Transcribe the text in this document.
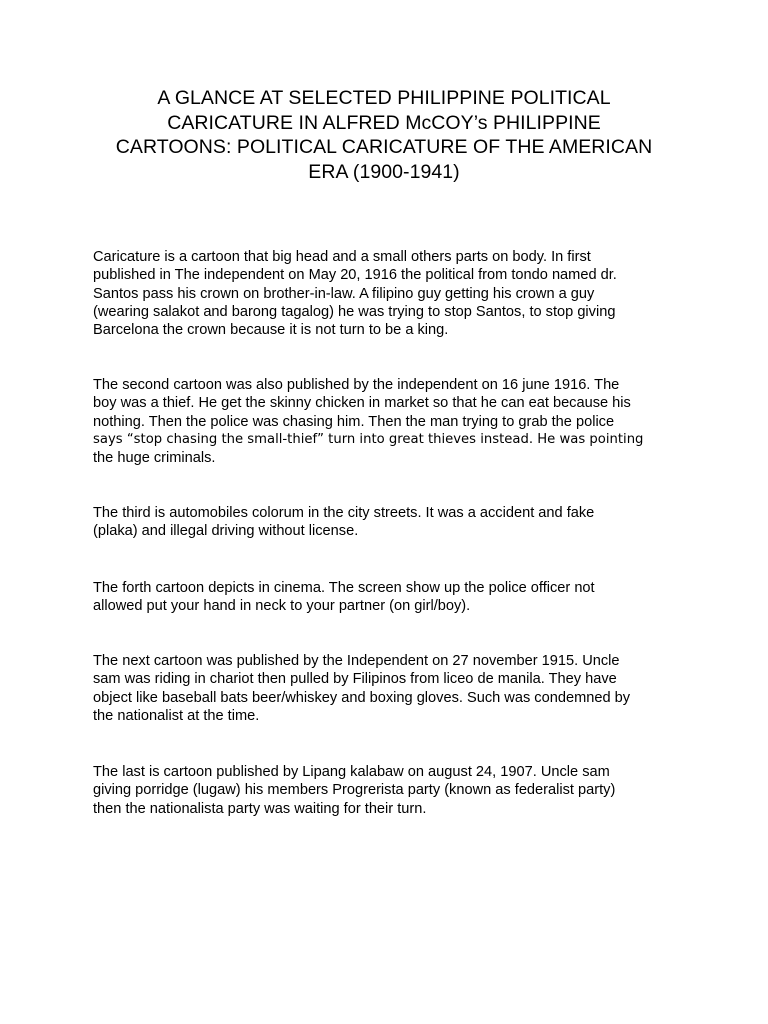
A GLANCE AT SELECTED PHILIPPINE POLITICAL
CARICATURE IN ALFRED McCOY’s PHILIPPINE
CARTOONS: POLITICAL CARICATURE OF THE AMERICAN
ERA (1900-1941)

Caricature is a cartoon that big head and a small others parts on body. In first
published in The independent on May 20, 1916 the political from tondo named dr.
Santos pass his crown on brother-in-law. A filipino guy getting his crown a guy
(wearing salakot and barong tagalog) he was trying to stop Santos, to stop giving
Barcelona the crown because it is not turn to be a king.

The second cartoon was also published by the independent on 16 june 1916. The
boy was a thief. He get the skinny chicken in market so that he can eat because his
nothing. Then the police was chasing him. Then the man trying to grab the police
says “stop chasing the small-thief” turn into great thieves instead. He was pointing
the huge criminals.

The third is automobiles colorum in the city streets. It was a accident and fake
(plaka) and illegal driving without license.

The forth cartoon depicts in cinema. The screen show up the police officer not
allowed put your hand in neck to your partner (on girl/boy).

The next cartoon was published by the Independent on 27 november 1915. Uncle
sam was riding in chariot then pulled by Filipinos from liceo de manila. They have
object like baseball bats beer/whiskey and boxing gloves. Such was condemned by
the nationalist at the time.

The last is cartoon published by Lipang kalabaw on august 24, 1907. Uncle sam
giving porridge (lugaw) his members Progrerista party (known as federalist party)
then the nationalista party was waiting for their turn.
